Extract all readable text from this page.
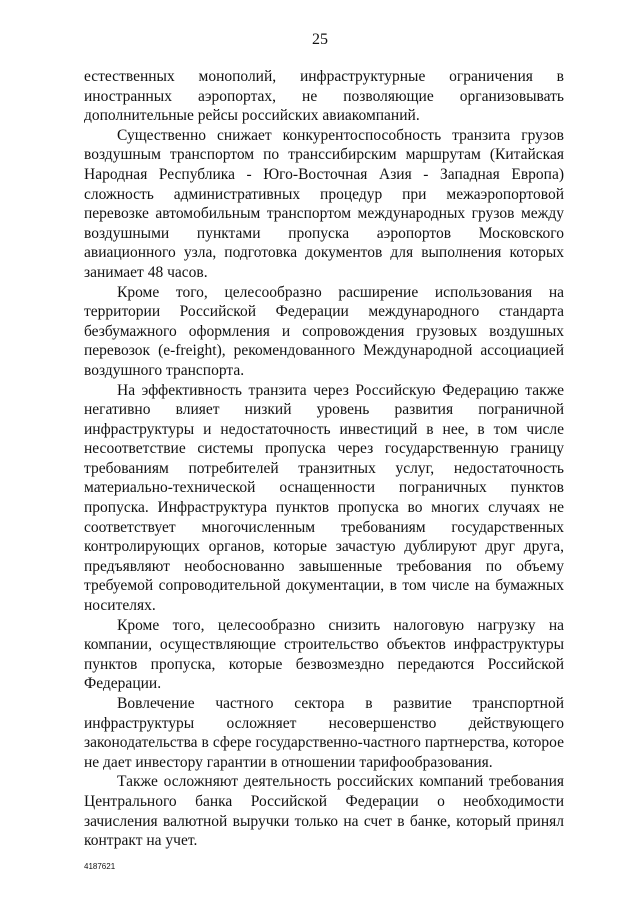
25

естественных монополий, инфраструктурные ограничения в иностранных аэропортах, не позволяющие организовывать дополнительные рейсы российских авиакомпаний.

Существенно снижает конкурентоспособность транзита грузов воздушным транспортом по транссибирским маршрутам (Китайская Народная Республика - Юго-Восточная Азия - Западная Европа) сложность административных процедур при межаэропортовой перевозке автомобильным транспортом международных грузов между воздушными пунктами пропуска аэропортов Московского авиационного узла, подготовка документов для выполнения которых занимает 48 часов.

Кроме того, целесообразно расширение использования на территории Российской Федерации международного стандарта безбумажного оформления и сопровождения грузовых воздушных перевозок (e-freight), рекомендованного Международной ассоциацией воздушного транспорта.

На эффективность транзита через Российскую Федерацию также негативно влияет низкий уровень развития пограничной инфраструктуры и недостаточность инвестиций в нее, в том числе несоответствие системы пропуска через государственную границу требованиям потребителей транзитных услуг, недостаточность материально-технической оснащенности пограничных пунктов пропуска. Инфраструктура пунктов пропуска во многих случаях не соответствует многочисленным требованиям государственных контролирующих органов, которые зачастую дублируют друг друга, предъявляют необоснованно завышенные требования по объему требуемой сопроводительной документации, в том числе на бумажных носителях.

Кроме того, целесообразно снизить налоговую нагрузку на компании, осуществляющие строительство объектов инфраструктуры пунктов пропуска, которые безвозмездно передаются Российской Федерации.

Вовлечение частного сектора в развитие транспортной инфраструктуры осложняет несовершенство действующего законодательства в сфере государственно-частного партнерства, которое не дает инвестору гарантии в отношении тарифообразования.

Также осложняют деятельность российских компаний требования Центрального банка Российской Федерации о необходимости зачисления валютной выручки только на счет в банке, который принял контракт на учет.

4187621
